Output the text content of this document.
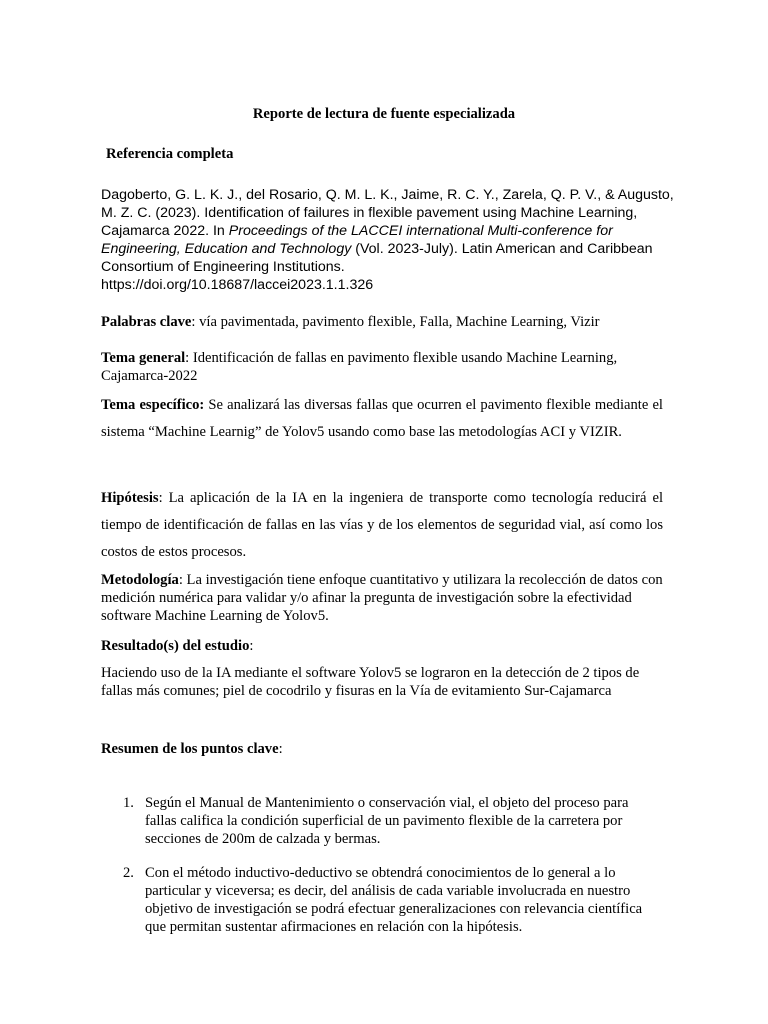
Reporte de lectura de fuente especializada
Referencia completa
Dagoberto, G. L. K. J., del Rosario, Q. M. L. K., Jaime, R. C. Y., Zarela, Q. P. V., & Augusto, M. Z. C. (2023). Identification of failures in flexible pavement using Machine Learning, Cajamarca 2022. In Proceedings of the LACCEI international Multi-conference for Engineering, Education and Technology (Vol. 2023-July). Latin American and Caribbean Consortium of Engineering Institutions.
https://doi.org/10.18687/laccei2023.1.1.326
Palabras clave: vía pavimentada, pavimento flexible, Falla, Machine Learning, Vizir
Tema general: Identificación de fallas en pavimento flexible usando Machine Learning, Cajamarca-2022
Tema específico: Se analizará las diversas fallas que ocurren el pavimento flexible mediante el sistema “Machine Learnig” de Yolov5 usando como base las metodologías ACI y VIZIR.
Hipótesis: La aplicación de la IA en la ingeniera de transporte como tecnología reducirá el tiempo de identificación de fallas en las vías y de los elementos de seguridad vial, así como los costos de estos procesos.
Metodología: La investigación tiene enfoque cuantitativo y utilizara la recolección de datos con medición numérica para validar y/o afinar la pregunta de investigación sobre la efectividad software Machine Learning de Yolov5.
Resultado(s) del estudio:
Haciendo uso de la IA mediante el software Yolov5 se lograron en la detección de 2 tipos de fallas más comunes; piel de cocodrilo y fisuras en la Vía de evitamiento Sur-Cajamarca
Resumen de los puntos clave:
1. Según el Manual de Mantenimiento o conservación vial, el objeto del proceso para fallas califica la condición superficial de un pavimento flexible de la carretera por secciones de 200m de calzada y bermas.
2. Con el método inductivo-deductivo se obtendrá conocimientos de lo general a lo particular y viceversa; es decir, del análisis de cada variable involucrada en nuestro objetivo de investigación se podrá efectuar generalizaciones con relevancia científica que permitan sustentar afirmaciones en relación con la hipótesis.
